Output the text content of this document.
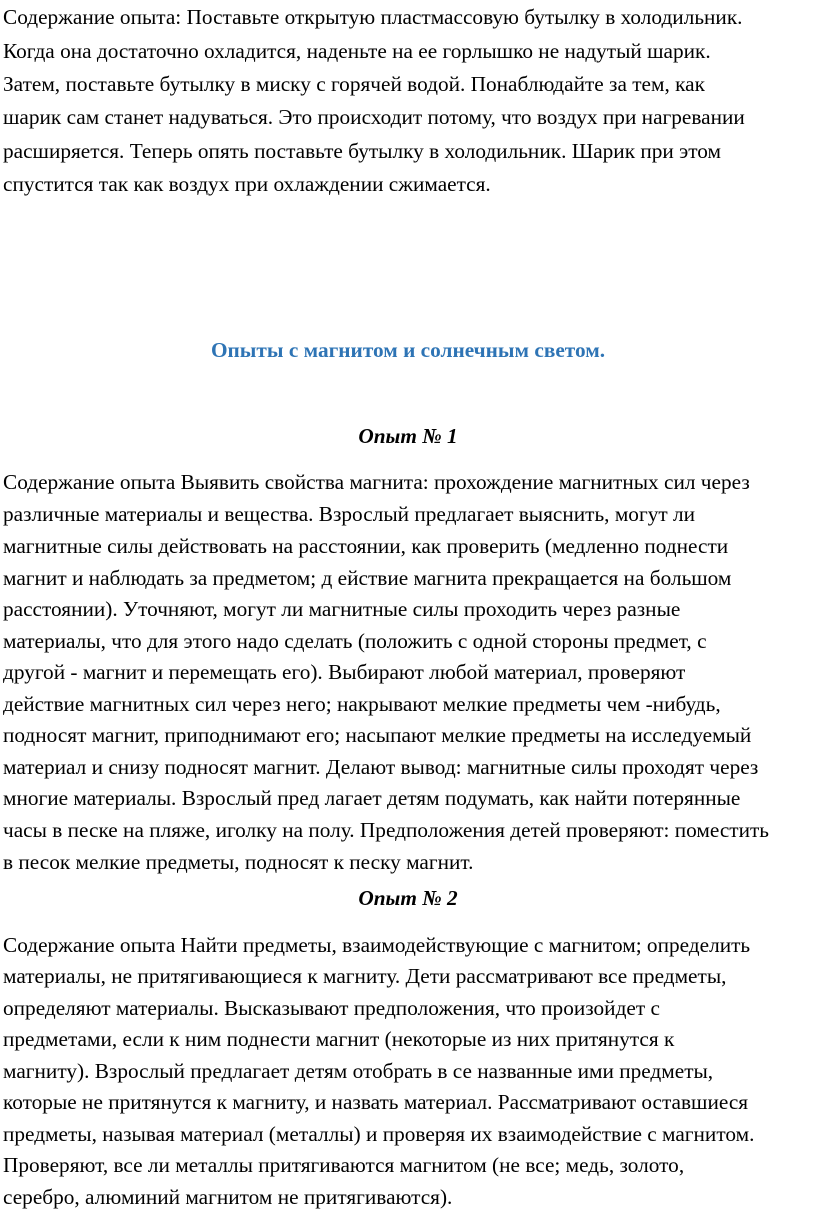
Содержание опыта: Поставьте открытую пластмассовую бутылку в холодильник.
Когда она достаточно охладится, наденьте на ее горлышко не надутый шарик.
Затем, поставьте бутылку в миску с горячей водой. Понаблюдайте за тем, как
шарик сам станет надуваться. Это происходит потому, что воздух при нагревании
расширяется. Теперь опять поставьте бутылку в холодильник. Шарик при этом
спустится так как воздух при охлаждении сжимается.
Опыты с магнитом и солнечным светом.
Опыт № 1
Содержание опыта Выявить свойства магнита: прохождение магнитных сил через
различные материалы и вещества. Взрослый предлагает выяснить, могут ли
магнитные силы действовать на расстоянии, как проверить (медленно поднести
магнит и наблюдать за предметом; д ействие магнита прекращается на большом
расстоянии). Уточняют, могут ли магнитные силы проходить через разные
материалы, что для этого надо сделать (положить с одной стороны предмет, с
другой - магнит и перемещать его). Выбирают любой материал, проверяют
действие магнитных сил через него; накрывают мелкие предметы чем -нибудь,
подносят магнит, приподнимают его; насыпают мелкие предметы на исследуемый
материал и снизу подносят магнит. Делают вывод: магнитные силы проходят через
многие материалы. Взрослый пред лагает детям подумать, как найти потерянные
часы в песке на пляже, иголку на полу. Предположения детей проверяют: поместить
в песок мелкие предметы, подносят к песку магнит.
Опыт № 2
Содержание опыта Найти предметы, взаимодействующие с магнитом; определить
материалы, не притягивающиеся к магниту. Дети рассматривают все предметы,
определяют материалы. Высказывают предположения, что произойдет с
предметами, если к ним поднести магнит (некоторые из них притянутся к
магниту). Взрослый предлагает детям отобрать в се названные ими предметы,
которые не притянутся к магниту, и назвать материал. Рассматривают оставшиеся
предметы, называя материал (металлы) и проверяя их взаимодействие с магнитом.
Проверяют, все ли металлы притягиваются магнитом (не все; медь, золото,
серебро, алюминий магнитом не притягиваются).
